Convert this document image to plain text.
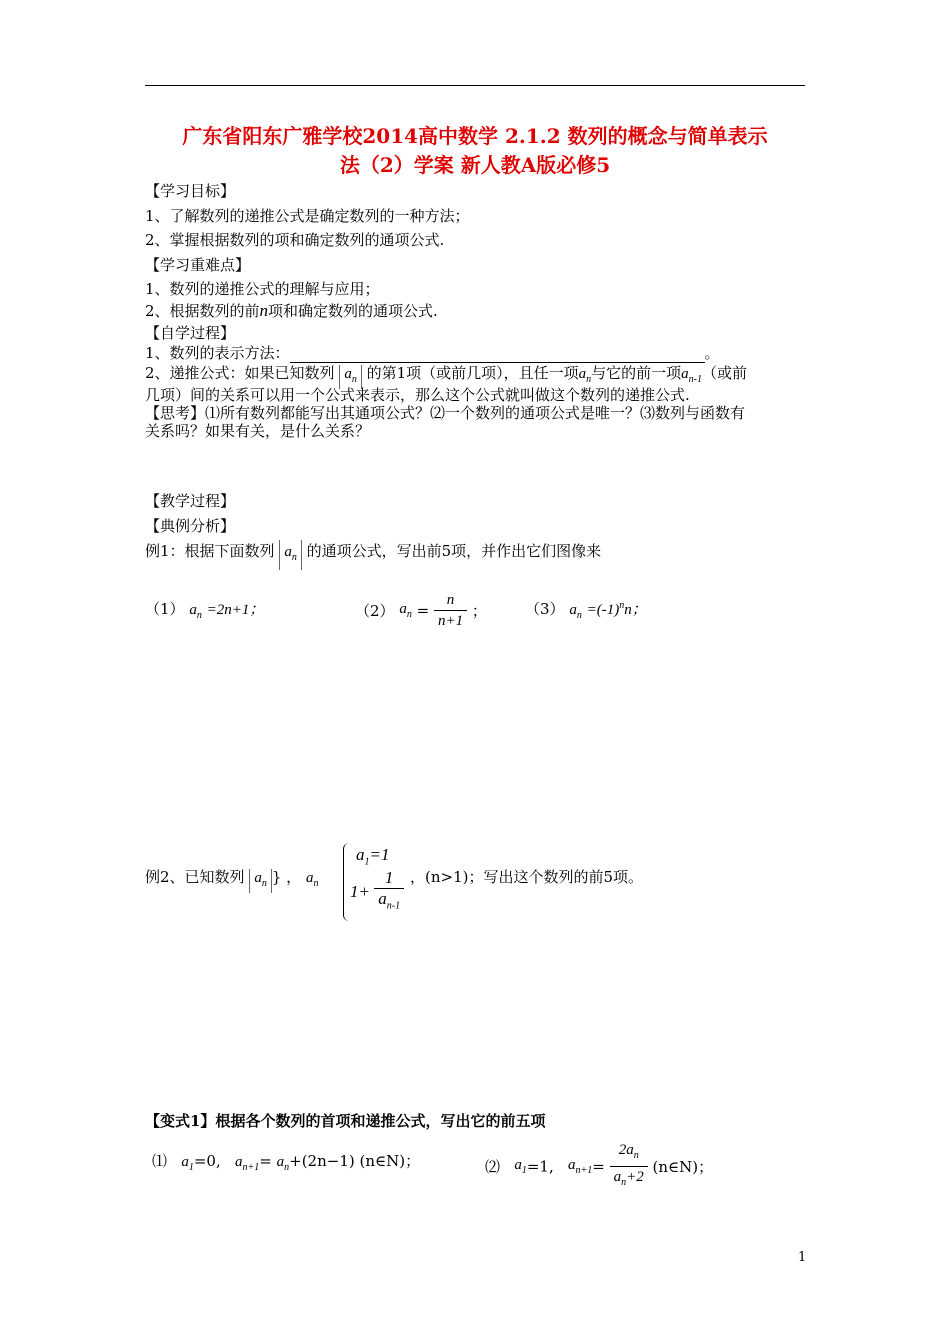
广东省阳东广雅学校2014高中数学 2.1.2 数列的概念与简单表示
法（2）学案 新人教A版必修5
【学习目标】
1、了解数列的递推公式是确定数列的一种方法；
2、掌握根据数列的项和确定数列的通项公式.
【学习重难点】
1、数列的递推公式的理解与应用；
2、根据数列的前n项和确定数列的通项公式.
【自学过程】
1、数列的表示方法：	。
2、递推公式：如果已知数列 $a_n$ 的第1项（或前几项），且任一项$a_n$与它的前一项$a_{n-1}$（或前
几项）间的关系可以用一个公式来表示，那么这个公式就叫做这个数列的递推公式.
【思考】⑴所有数列都能写出其通项公式？⑵一个数列的通项公式是唯一？⑶数列与函数有
关系吗？如果有关，是什么关系？
【教学过程】
【典例分析】
例1：根据下面数列 $a_n$ 的通项公式，写出前5项，并作出它们图像来
（1） $a_n =2n+1$；	（2） $a_n = \frac{n}{n+1}$ ；	（3） $a_n =(-1)^nn$；
例2、已知数列 $a_n$ } ， $a_n$
$a_1=1$
$1+ \frac{1}{a_{n-1}}$ ，(n>1)；写出这个数列的前5项。
【变式1】根据各个数列的首项和递推公式，写出它的前五项
⑴ $a_1=0$, $a_{n+1}= a_n+(2n-1)$ (n∈N)；	⑵ $a_1=1$, $a_{n+1}= \frac{2a_n}{a_n+2}$ (n∈N)；
1
